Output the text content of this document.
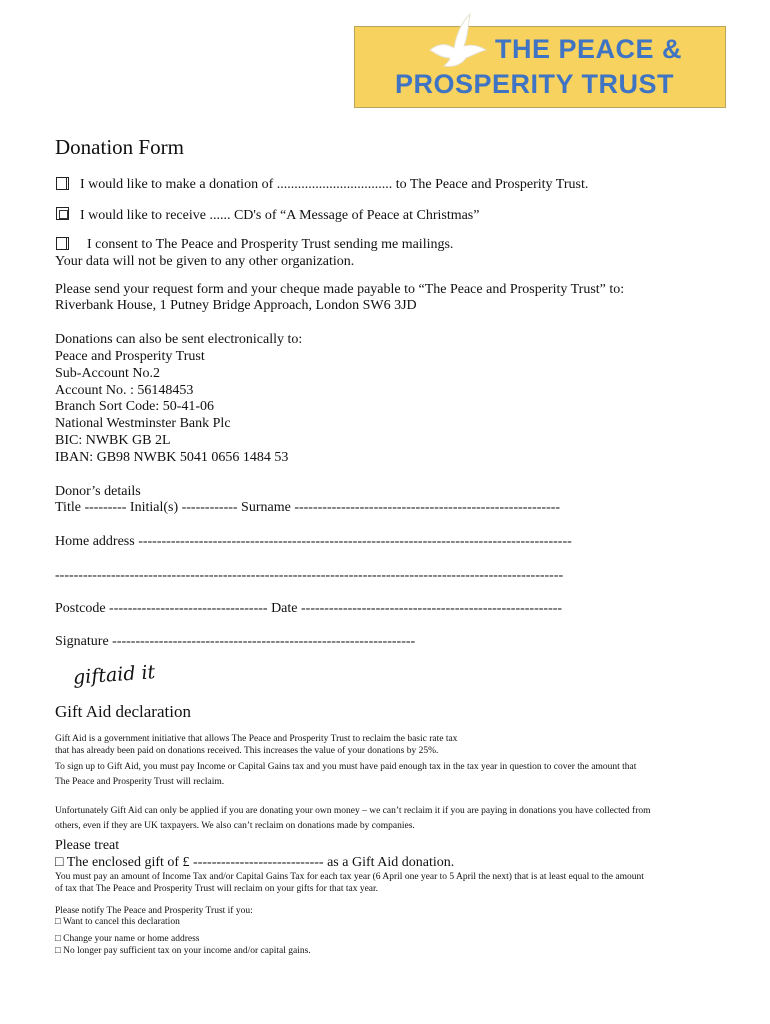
THE PEACE &
PROSPERITY TRUST
Donation Form
I would like to make a donation of ................................. to The Peace and Prosperity Trust.
I would like to receive ...... CD's of “A Message of Peace at Christmas”
I consent to The Peace and Prosperity Trust sending me mailings.
Your data will not be given to any other organization.
Please send your request form and your cheque made payable to “The Peace and Prosperity Trust” to:
Riverbank House, 1 Putney Bridge Approach, London SW6 3JD
Donations can also be sent electronically to:
Peace and Prosperity Trust
Sub-Account No.2
Account No. : 56148453
Branch Sort Code: 50-41-06
National Westminster Bank Plc
BIC: NWBK GB 2L
IBAN: GB98 NWBK 5041 0656 1484 53
Donor’s details
Title --------- Initial(s) ------------ Surname ---------------------------------------------------------
Home address ---------------------------------------------------------------------------------------------
-------------------------------------------------------------------------------------------------------------
Postcode ---------------------------------- Date --------------------------------------------------------
Signature -----------------------------------------------------------------
giftaid it
Gift Aid declaration
Gift Aid is a government initiative that allows The Peace and Prosperity Trust to reclaim the basic rate tax
that has already been paid on donations received. This increases the value of your donations by 25%.
To sign up to Gift Aid, you must pay Income or Capital Gains tax and you must have paid enough tax in the tax year in question to cover the amount that
The Peace and Prosperity Trust will reclaim.
Unfortunately Gift Aid can only be applied if you are donating your own money – we can’t reclaim it if you are paying in donations you have collected from
others, even if they are UK taxpayers. We also can’t reclaim on donations made by companies.
Please treat
□ The enclosed gift of £ ---------------------------- as a Gift Aid donation.
You must pay an amount of Income Tax and/or Capital Gains Tax for each tax year (6 April one year to 5 April the next) that is at least equal to the amount
of tax that The Peace and Prosperity Trust will reclaim on your gifts for that tax year.
Please notify The Peace and Prosperity Trust if you:
□ Want to cancel this declaration
□ Change your name or home address
□ No longer pay sufficient tax on your income and/or capital gains.
